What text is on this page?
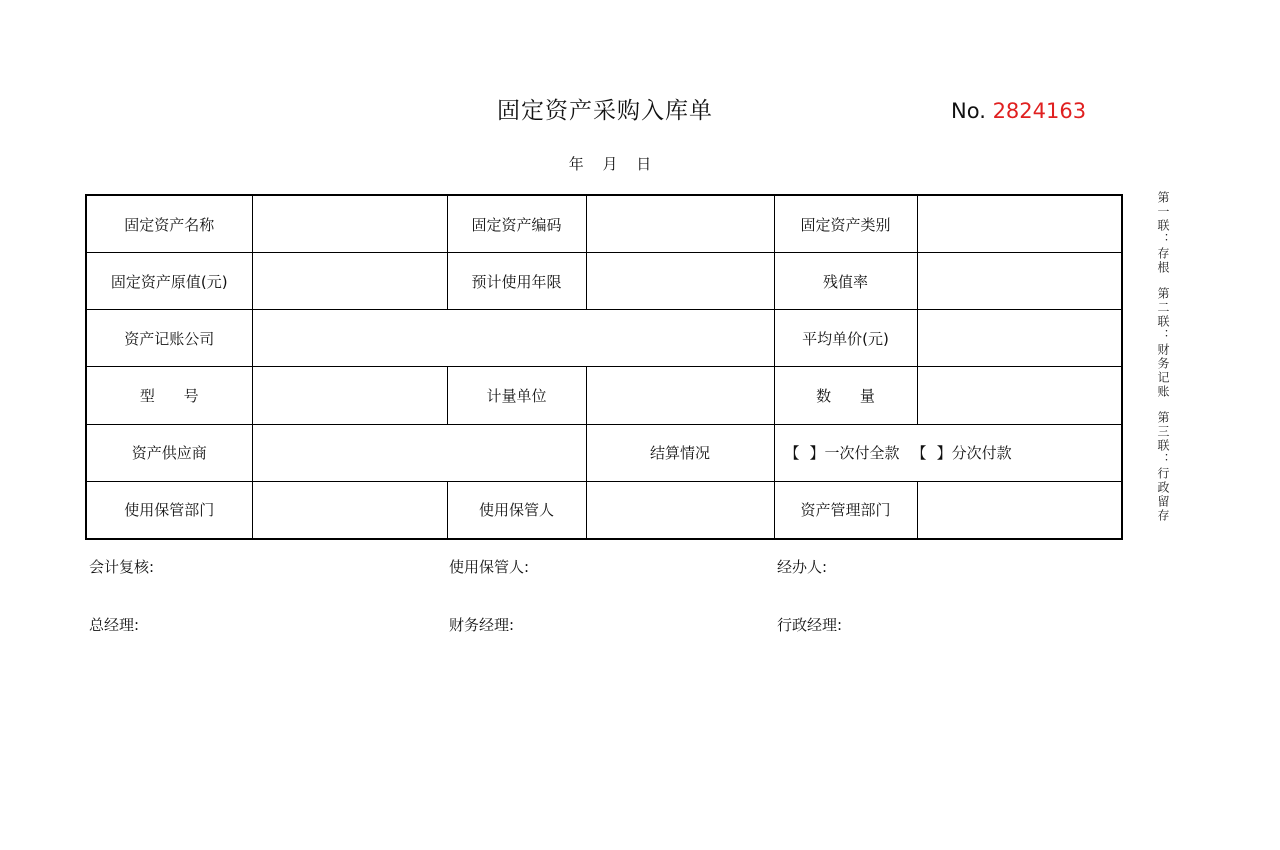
固定资产采购入库单	No. 2824163
年 月 日
固定资产名称		固定资产编码		固定资产类别	
固定资产原值(元)		预计使用年限		残值率	
资产记账公司				平均单价(元)	
型 号		计量单位		数 量	
资产供应商			结算情况	【 】一次付全款 【 】分次付款	
使用保管部门		使用保管人		资产管理部门	
会计复核:	使用保管人:	经办人:
总经理:	财务经理:	行政经理:
第一联：存根
第二联：财务记账
第三联：行政留存
